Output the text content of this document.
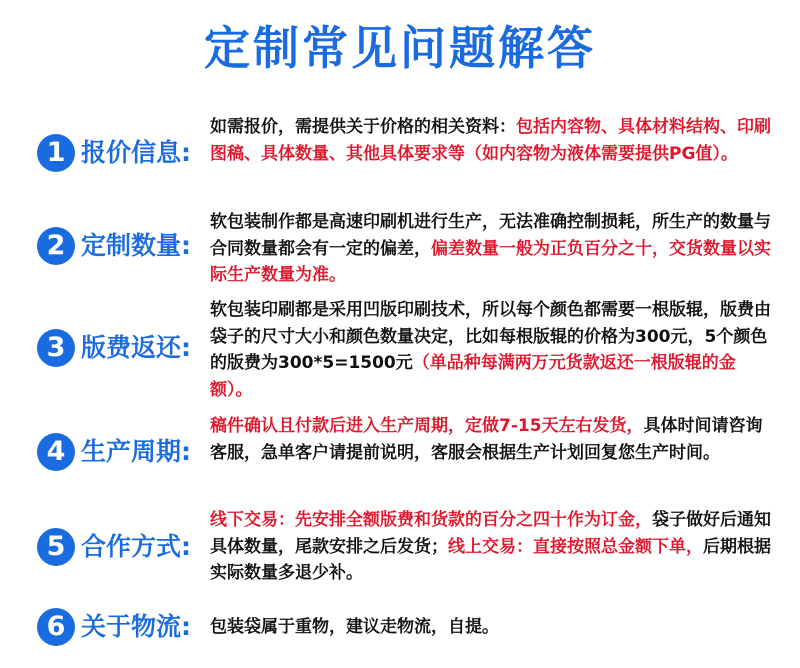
定制常见问题解答
1 报价信息:
如需报价，需提供关于价格的相关资料：包括内容物、具体材料结构、印刷图稿、具体数量、其他具体要求等（如内容物为液体需要提供PG值）。
2 定制数量:
软包装制作都是高速印刷机进行生产，无法准确控制损耗，所生产的数量与合同数量都会有一定的偏差，偏差数量一般为正负百分之十，交货数量以实际生产数量为准。
3 版费返还:
软包装印刷都是采用凹版印刷技术，所以每个颜色都需要一根版辊，版费由袋子的尺寸大小和颜色数量决定，比如每根版辊的价格为300元，5个颜色的版费为300*5=1500元（单品种每满两万元货款返还一根版辊的金额）。
4 生产周期:
稿件确认且付款后进入生产周期，定做7-15天左右发货，具体时间请咨询客服，急单客户请提前说明，客服会根据生产计划回复您生产时间。
5 合作方式:
线下交易：先安排全额版费和货款的百分之四十作为订金，袋子做好后通知具体数量，尾款安排之后发货；线上交易：直接按照总金额下单，后期根据实际数量多退少补。
6 关于物流: 包装袋属于重物，建议走物流，自提。
